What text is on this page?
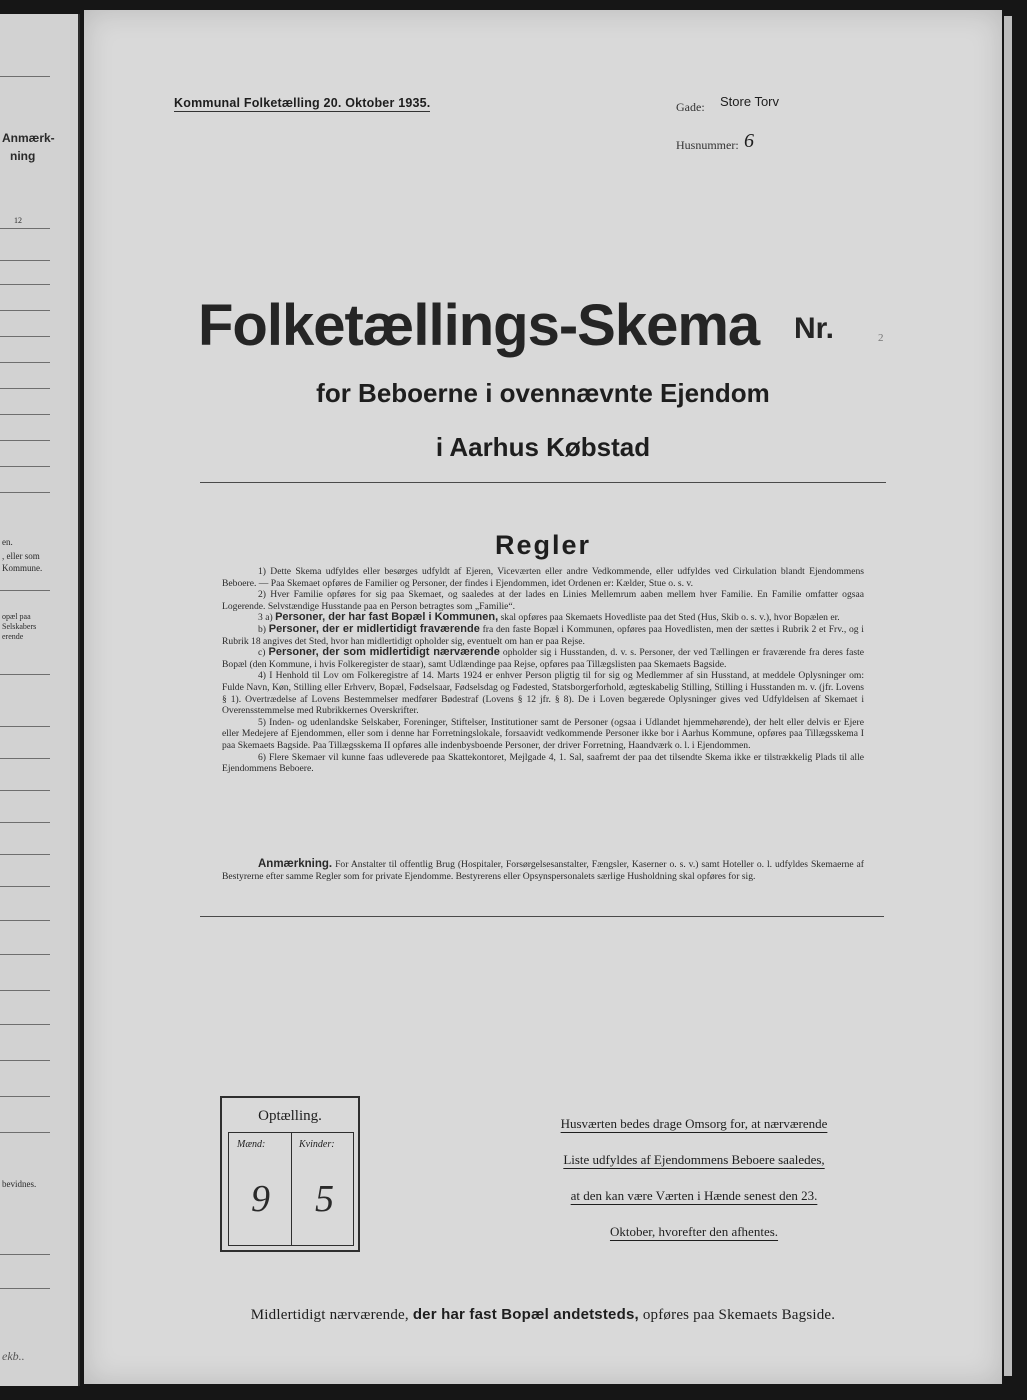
Anmærk-
ning
12
en.
, eller som
Kommune.
opæl paa
Selskabers
erende
bevidnes.
ekb..
Kommunal Folketælling 20. Oktober 1935.	Gade: Store Torv
Husnummer: 6
Folketællings-Skema Nr.	2
for Beboerne i ovennævnte Ejendom
i Aarhus Købstad
Regler

1) Dette Skema udfyldes eller besørges udfyldt af Ejeren, Viceværten eller andre Vedkommende, eller udfyldes ved Cirkulation blandt Ejendommens Beboere. — Paa Skemaet opføres de Familier og Personer, der findes i Ejendommen, idet Ordenen er: Kælder, Stue o. s. v.

2) Hver Familie opføres for sig paa Skemaet, og saaledes at der lades en Linies Mellemrum aaben mellem hver Familie. En Familie omfatter ogsaa Logerende. Selvstændige Husstande paa en Person betragtes som „Familie“.

3 a) Personer, der har fast Bopæl i Kommunen, skal opføres paa Skemaets Hovedliste paa det Sted (Hus, Skib o. s. v.), hvor Bopælen er.

b) Personer, der er midlertidigt fraværende fra den faste Bopæl i Kommunen, opføres paa Hovedlisten, men der sættes i Rubrik 2 et Frv., og i Rubrik 18 angives det Sted, hvor han midlertidigt opholder sig, eventuelt om han er paa Rejse.

c) Personer, der som midlertidigt nærværende opholder sig i Husstanden, d. v. s. Personer, der ved Tællingen er fraværende fra deres faste Bopæl (den Kommune, i hvis Folkeregister de staar), samt Udlændinge paa Rejse, opføres paa Tillægslisten paa Skemaets Bagside.

4) I Henhold til Lov om Folkeregistre af 14. Marts 1924 er enhver Person pligtig til for sig og Medlemmer af sin Husstand, at meddele Oplysninger om: Fulde Navn, Køn, Stilling eller Erhverv, Bopæl, Fødselsaar, Fødselsdag og Fødested, Statsborgerforhold, ægteskabelig Stilling, Stilling i Husstanden m. v. (jfr. Lovens § 1). Overtrædelse af Lovens Bestemmelser medfører Bødestraf (Lovens § 12 jfr. § 8). De i Loven begærede Oplysninger gives ved Udfyldelsen af Skemaet i Overensstemmelse med Rubrikkernes Overskrifter.

5) Inden- og udenlandske Selskaber, Foreninger, Stiftelser, Institutioner samt de Personer (ogsaa i Udlandet hjemmehørende), der helt eller delvis er Ejere eller Medejere af Ejendommen, eller som i denne har Forretningslokale, forsaavidt vedkommende Personer ikke bor i Aarhus Kommune, opføres paa Tillægsskema I paa Skemaets Bagside. Paa Tillægsskema II opføres alle indenbysboende Personer, der driver Forretning, Haandværk o. l. i Ejendommen.

6) Flere Skemaer vil kunne faas udleverede paa Skattekontoret, Mejlgade 4, 1. Sal, saafremt der paa det tilsendte Skema ikke er tilstrækkelig Plads til alle Ejendommens Beboere.

Anmærkning. For Anstalter til offentlig Brug (Hospitaler, Forsørgelsesanstalter, Fængsler, Kaserner o. s. v.) samt Hoteller o. l. udfyldes Skemaerne af Bestyrerne efter samme Regler som for private Ejendomme. Bestyrerens eller Opsynspersonalets særlige Husholdning skal opføres for sig.
Optælling.
Mænd:	Kvinder:
9 5
Husværten bedes drage Omsorg for, at nærværende
Liste udfyldes af Ejendommens Beboere saaledes,
at den kan være Værten i Hænde senest den 23.
Oktober, hvorefter den afhentes.
Midlertidigt nærværende, der har fast Bopæl andetsteds, opføres paa Skemaets Bagside.
